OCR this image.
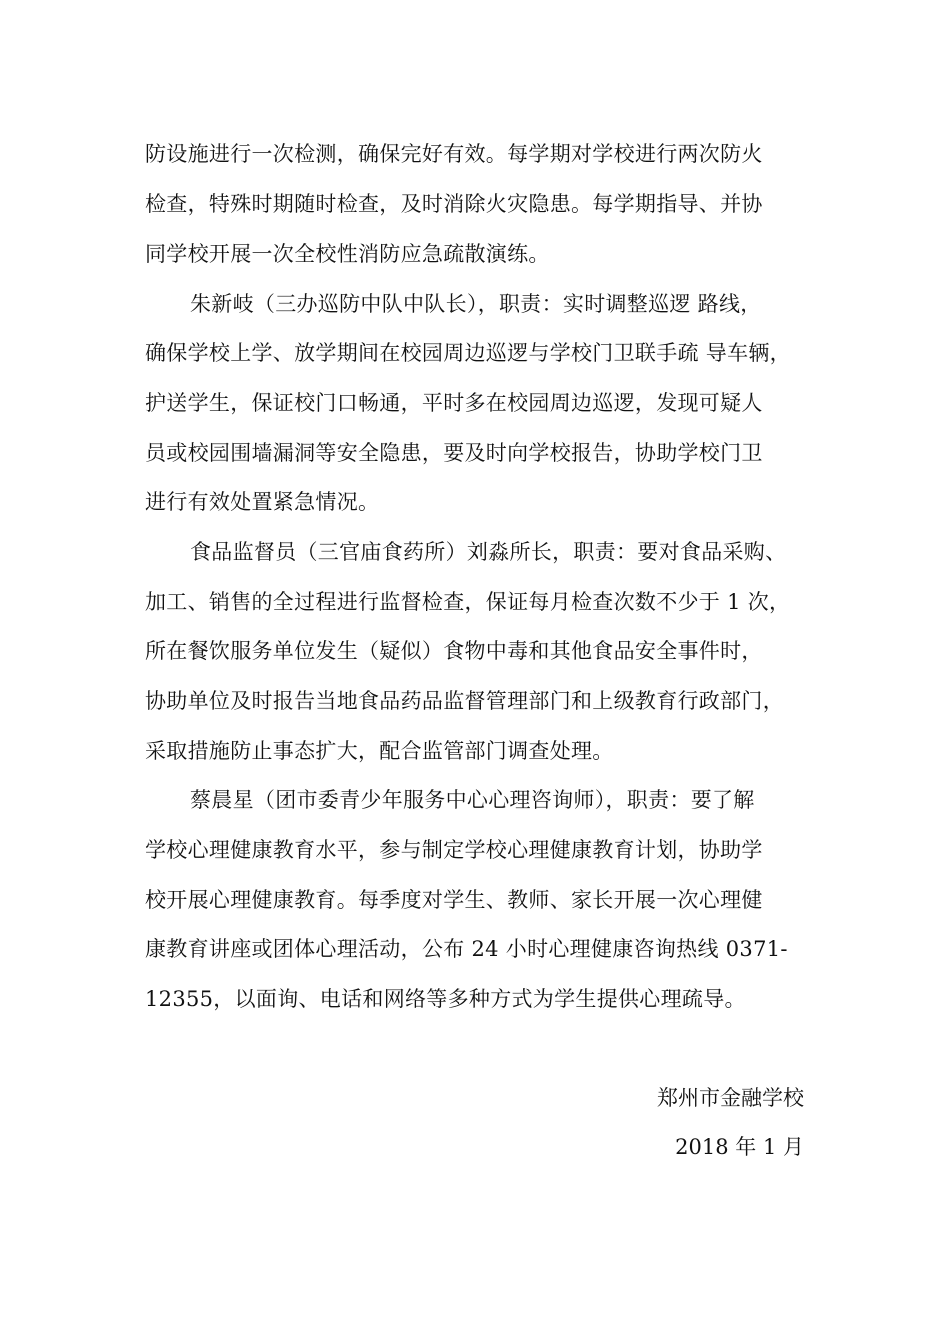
防设施进行一次检测，确保完好有效。每学期对学校进行两次防火
检查，特殊时期随时检查，及时消除火灾隐患。每学期指导、并协
同学校开展一次全校性消防应急疏散演练。
朱新岐（三办巡防中队中队长），职责：实时调整巡逻 路线，
确保学校上学、放学期间在校园周边巡逻与学校门卫联手疏 导车辆，
护送学生，保证校门口畅通，平时多在校园周边巡逻，发现可疑人
员或校园围墙漏洞等安全隐患，要及时向学校报告，协助学校门卫
进行有效处置紧急情况。
食品监督员（三官庙食药所）刘淼所长，职责：要对食品采购、
加工、销售的全过程进行监督检查，保证每月检查次数不少于 1 次，
所在餐饮服务单位发生（疑似）食物中毒和其他食品安全事件时，
协助单位及时报告当地食品药品监督管理部门和上级教育行政部门，
采取措施防止事态扩大，配合监管部门调查处理。
蔡晨星（团市委青少年服务中心心理咨询师），职责：要了解
学校心理健康教育水平，参与制定学校心理健康教育计划，协助学
校开展心理健康教育。每季度对学生、教师、家长开展一次心理健
康教育讲座或团体心理活动，公布 24 小时心理健康咨询热线 0371-
12355，以面询、电话和网络等多种方式为学生提供心理疏导。
郑州市金融学校
2018 年 1 月
